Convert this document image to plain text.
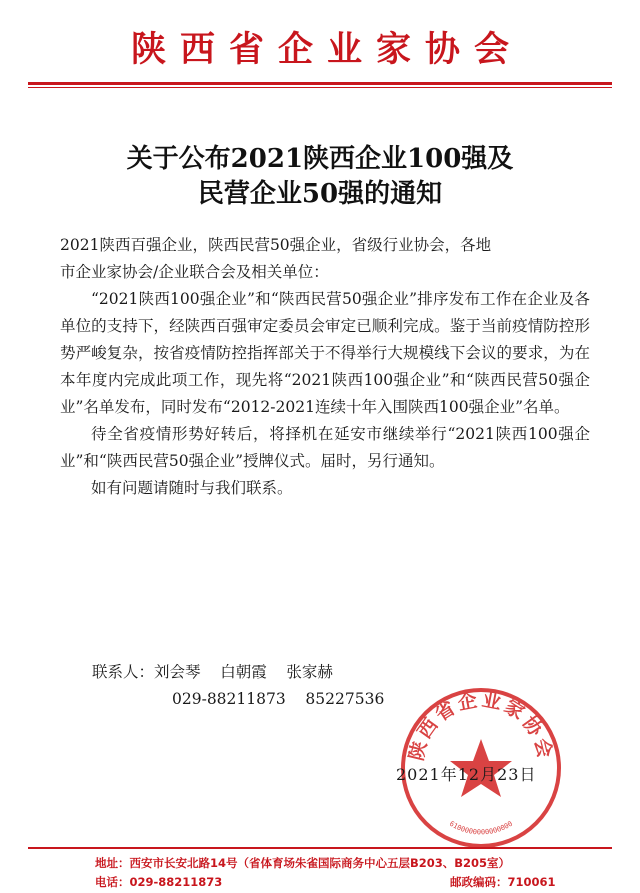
陕西省企业家协会
关于公布2021陕西企业100强及
民营企业50强的通知

2021陕西百强企业，陕西民营50强企业，省级行业协会，各地

市企业家协会/企业联合会及相关单位：

“2021陕西100强企业”和“陕西民营50强企业”排序发布工作在企业及各单位的支持下，经陕西百强审定委员会审定已顺利完成。鉴于当前疫情防控形势严峻复杂，按省疫情防控指挥部关于不得举行大规模线下会议的要求，为在本年度内完成此项工作，现先将“2021陕西100强企业”和“陕西民营50强企业”名单发布，同时发布“2012-2021连续十年入围陕西100强企业”名单。

待全省疫情形势好转后，将择机在延安市继续举行“2021陕西100强企业”和“陕西民营50强企业”授牌仪式。届时，另行通知。

如有问题请随时与我们联系。

联系人：刘会琴    白朝霞    张家赫
029-88211873    85227536
陕西省企业家协会
6100000000000000
2021年12月23日
地址：西安市长安北路14号（省体育场朱雀国际商务中心五层B203、B205室）
电话：029-88211873	邮政编码：710061
